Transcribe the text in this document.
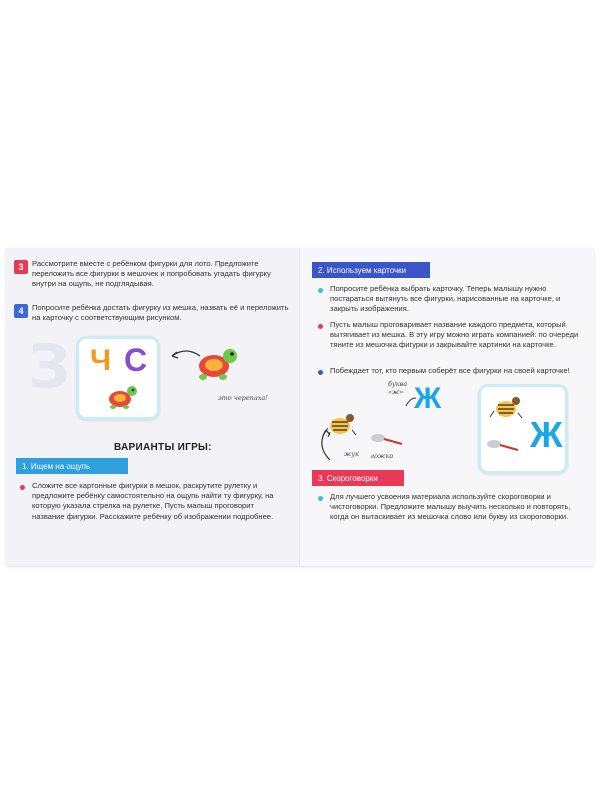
З
3	Рассмотрите вместе с ребёнком фигурки для лото. Предложите переложить все фигурки в мешочек и попробовать угадать фигурку внутри на ощупь, не подглядывая.
4	Попросите ребёнка достать фигурку из мешка, назвать её и переложить на карточку с соответствующим рисунком.
Ч С
это черепаха!
ВАРИАНТЫ ИГРЫ:
1. Ищем на ощупь
Сложите все картонные фигурки в мешок, раскрутите рулетку и предложите ребёнку самостоятельно на ощупь найти ту фигурку, на которую указала стрелка на рулетке. Пусть малыш проговорит название фигурки. Расскажите ребёнку об изображении подробнее.
2. Используем карточки
Попросите ребёнка выбрать карточку. Теперь малышу нужно постараться вытянуть все фигурки, нарисованные на карточке, и закрыть изображения.
Пусть малыш проговаривает название каждого предмета, который вытягивает из мешка. В эту игру можно играть компанией: по очереди тяните из мешочка фигурки и закрывайте картинки на карточке.
Побеждает тот, кто первым соберёт все фигурки на своей карточке!
жук ложка
буква «ж» Ж
Ж
3. Скороговорки
Для лучшего усвоения материала используйте скороговорки и чистоговорки. Предложите малышу выучить несколько и повторять, когда он вытаскивает из мешочка слово или букву из скороговорки.
